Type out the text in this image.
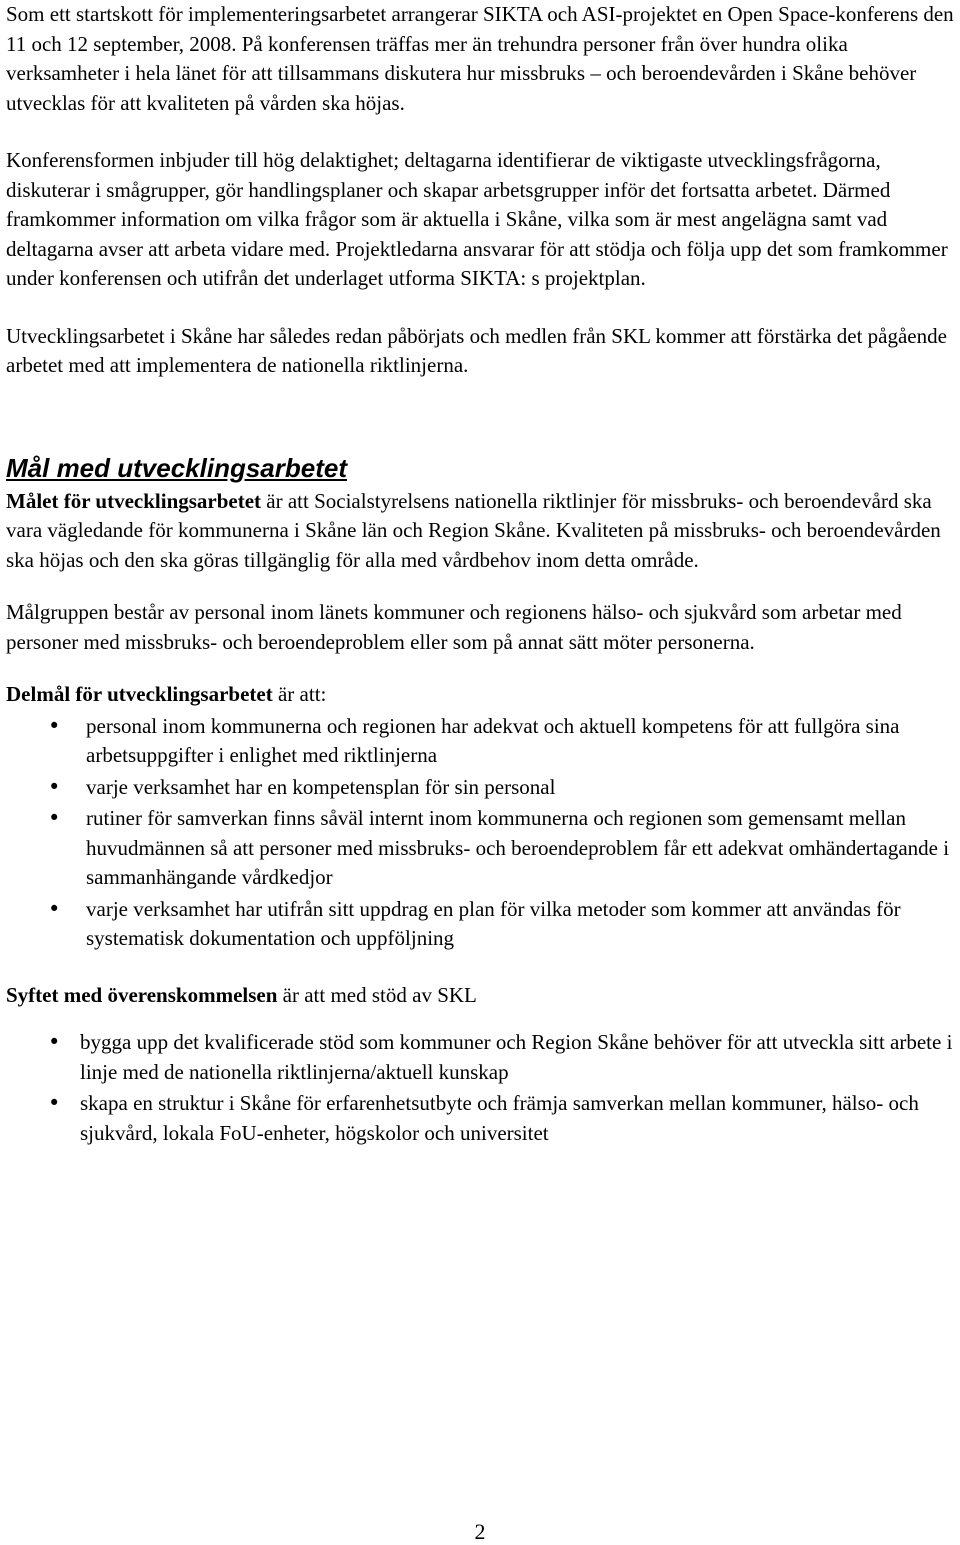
Som ett startskott för implementeringsarbetet arrangerar SIKTA och ASI-projektet en Open Space-konferens den 11 och 12 september, 2008. På konferensen träffas mer än trehundra personer från över hundra olika verksamheter i hela länet för att tillsammans diskutera hur missbruks – och beroendevården i Skåne behöver utvecklas för att kvaliteten på vården ska höjas.

Konferensformen inbjuder till hög delaktighet; deltagarna identifierar de viktigaste utvecklingsfrågorna, diskuterar i smågrupper, gör handlingsplaner och skapar arbetsgrupper inför det fortsatta arbetet. Därmed framkommer information om vilka frågor som är aktuella i Skåne, vilka som är mest angelägna samt vad deltagarna avser att arbeta vidare med. Projektledarna ansvarar för att stödja och följa upp det som framkommer under konferensen och utifrån det underlaget utforma SIKTA: s projektplan.

Utvecklingsarbetet i Skåne har således redan påbörjats och medlen från SKL kommer att förstärka det pågående arbetet med att implementera de nationella riktlinjerna.

Mål med utvecklingsarbetet

Målet för utvecklingsarbetet är att Socialstyrelsens nationella riktlinjer för missbruks- och beroendevård ska vara vägledande för kommunerna i Skåne län och Region Skåne. Kvaliteten på missbruks- och beroendevården ska höjas och den ska göras tillgänglig för alla med vårdbehov inom detta område.

Målgruppen består av personal inom länets kommuner och regionens hälso- och sjukvård som arbetar med personer med missbruks- och beroendeproblem eller som på annat sätt möter personerna.

Delmål för utvecklingsarbetet är att:

• personal inom kommunerna och regionen har adekvat och aktuell kompetens för att fullgöra sina arbetsuppgifter i enlighet med riktlinjerna
• varje verksamhet har en kompetensplan för sin personal
• rutiner för samverkan finns såväl internt inom kommunerna och regionen som gemensamt mellan huvudmännen så att personer med missbruks- och beroendeproblem får ett adekvat omhändertagande i sammanhängande vårdkedjor
• varje verksamhet har utifrån sitt uppdrag en plan för vilka metoder som kommer att användas för systematisk dokumentation och uppföljning

Syftet med överenskommelsen är att med stöd av SKL

• bygga upp det kvalificerade stöd som kommuner och Region Skåne behöver för att utveckla sitt arbete i linje med de nationella riktlinjerna/aktuell kunskap
• skapa en struktur i Skåne för erfarenhetsutbyte och främja samverkan mellan kommuner, hälso- och sjukvård, lokala FoU-enheter, högskolor och universitet
2
